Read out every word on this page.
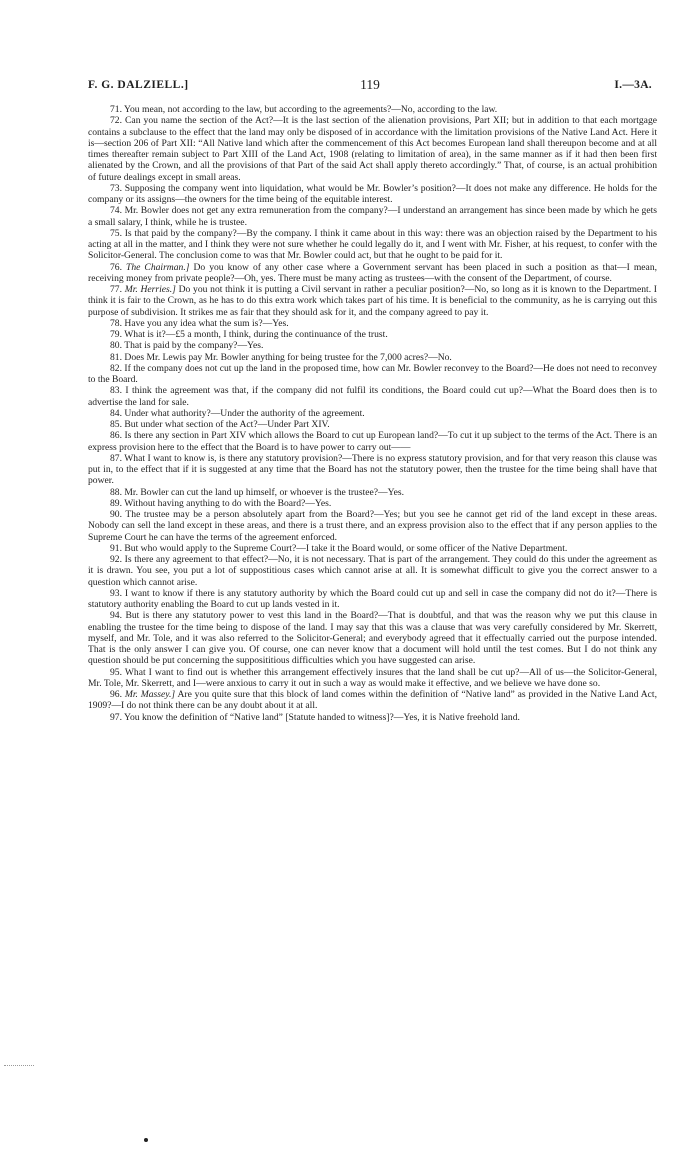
F. G. DALZIELL.]	119	I.—3A.

71. You mean, not according to the law, but according to the agreements?—No, according to the law.

72. Can you name the section of the Act?—It is the last section of the alienation provisions, Part XII; but in addition to that each mortgage contains a subclause to the effect that the land may only be disposed of in accordance with the limitation provisions of the Native Land Act. Here it is—section 206 of Part XII: “All Native land which after the commencement of this Act becomes European land shall thereupon become and at all times thereafter remain subject to Part XIII of the Land Act, 1908 (relating to limitation of area), in the same manner as if it had then been first alienated by the Crown, and all the provisions of that Part of the said Act shall apply thereto accordingly.” That, of course, is an actual prohibition of future dealings except in small areas.

73. Supposing the company went into liquidation, what would be Mr. Bowler’s position?—It does not make any difference. He holds for the company or its assigns—the owners for the time being of the equitable interest.

74. Mr. Bowler does not get any extra remuneration from the company?—I understand an arrangement has since been made by which he gets a small salary, I think, while he is trustee.

75. Is that paid by the company?—By the company. I think it came about in this way: there was an objection raised by the Department to his acting at all in the matter, and I think they were not sure whether he could legally do it, and I went with Mr. Fisher, at his request, to confer with the Solicitor-General. The conclusion come to was that Mr. Bowler could act, but that he ought to be paid for it.

76. The Chairman.] Do you know of any other case where a Government servant has been placed in such a position as that—I mean, receiving money from private people?—Oh, yes. There must be many acting as trustees—with the consent of the Department, of course.

77. Mr. Herries.] Do you not think it is putting a Civil servant in rather a peculiar position?—No, so long as it is known to the Department. I think it is fair to the Crown, as he has to do this extra work which takes part of his time. It is beneficial to the community, as he is carrying out this purpose of subdivision. It strikes me as fair that they should ask for it, and the company agreed to pay it.

78. Have you any idea what the sum is?—Yes.

79. What is it?—£5 a month, I think, during the continuance of the trust.

80. That is paid by the company?—Yes.

81. Does Mr. Lewis pay Mr. Bowler anything for being trustee for the 7,000 acres?—No.

82. If the company does not cut up the land in the proposed time, how can Mr. Bowler reconvey to the Board?—He does not need to reconvey to the Board.

83. I think the agreement was that, if the company did not fulfil its conditions, the Board could cut up?—What the Board does then is to advertise the land for sale.

84. Under what authority?—Under the authority of the agreement.

85. But under what section of the Act?—Under Part XIV.

86. Is there any section in Part XIV which allows the Board to cut up European land?—To cut it up subject to the terms of the Act. There is an express provision here to the effect that the Board is to have power to carry out——

87. What I want to know is, is there any statutory provision?—There is no express statutory provision, and for that very reason this clause was put in, to the effect that if it is suggested at any time that the Board has not the statutory power, then the trustee for the time being shall have that power.

88. Mr. Bowler can cut the land up himself, or whoever is the trustee?—Yes.

89. Without having anything to do with the Board?—Yes.

90. The trustee may be a person absolutely apart from the Board?—Yes; but you see he cannot get rid of the land except in these areas. Nobody can sell the land except in these areas, and there is a trust there, and an express provision also to the effect that if any person applies to the Supreme Court he can have the terms of the agreement enforced.

91. But who would apply to the Supreme Court?—I take it the Board would, or some officer of the Native Department.

92. Is there any agreement to that effect?—No, it is not necessary. That is part of the arrangement. They could do this under the agreement as it is drawn. You see, you put a lot of suppostitious cases which cannot arise at all. It is somewhat difficult to give you the correct answer to a question which cannot arise.

93. I want to know if there is any statutory authority by which the Board could cut up and sell in case the company did not do it?—There is statutory authority enabling the Board to cut up lands vested in it.

94. But is there any statutory power to vest this land in the Board?—That is doubtful, and that was the reason why we put this clause in enabling the trustee for the time being to dispose of the land. I may say that this was a clause that was very carefully considered by Mr. Skerrett, myself, and Mr. Tole, and it was also referred to the Solicitor-General; and everybody agreed that it effectually carried out the purpose intended. That is the only answer I can give you. Of course, one can never know that a document will hold until the test comes. But I do not think any question should be put concerning the supposititious difficulties which you have suggested can arise.

95. What I want to find out is whether this arrangement effectively insures that the land shall be cut up?—All of us—the Solicitor-General, Mr. Tole, Mr. Skerrett, and I—were anxious to carry it out in such a way as would make it effective, and we believe we have done so.

96. Mr. Massey.] Are you quite sure that this block of land comes within the definition of “Native land” as provided in the Native Land Act, 1909?—I do not think there can be any doubt about it at all.

97. You know the definition of “Native land” [Statute handed to witness]?—Yes, it is Native freehold land.
